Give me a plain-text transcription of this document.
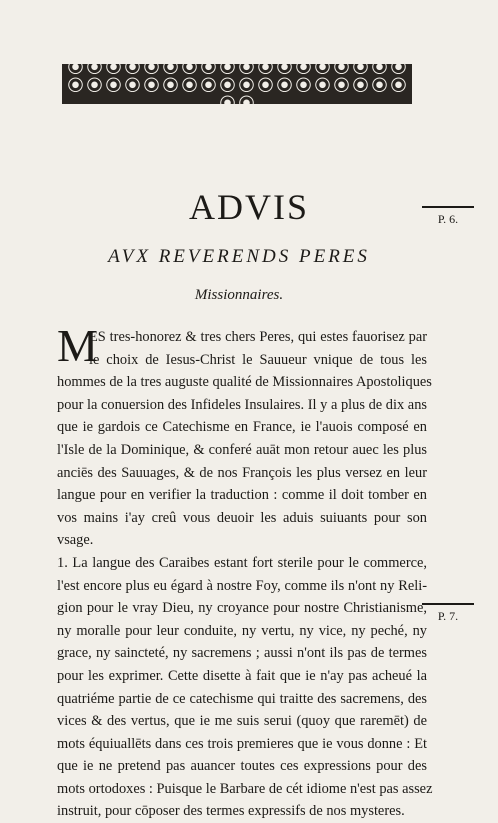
ADVIS	P. 6.
AVX REVERENDS PERES
Missionnaires.
M
ES tres-honorez & tres chers Peres, qui estes fauorisez par
le choix de Iesus-Christ le Sauueur vnique de tous les
hommes de la tres auguste qualité de Missionnaires Apostoliques
pour la conuersion des Infideles Insulaires. Il y a plus de dix ans
que ie gardois ce Catechisme en France, ie l'auois composé en
l'Isle de la Dominique, & conferé auāt mon retour auec les plus
anciēs des Sauuages, & de nos François les plus versez en leur
langue pour en verifier la traduction : comme il doit tomber en
vos mains i'ay creû vous deuoir les aduis suiuants pour son
vsage.
1. La langue des Caraibes estant fort sterile pour le commerce,
l'est encore plus eu égard à nostre Foy, comme ils n'ont ny Reli-
gion pour le vray Dieu, ny croyance pour nostre Christianisme,
ny moralle pour leur conduite, ny vertu, ny vice, ny peché, ny
grace, ny saincteté, ny sacremens ; aussi n'ont ils pas de termes
pour les exprimer. Cette disette à fait que ie n'ay pas acheué la
quatriéme partie de ce catechisme qui traitte des sacremens, des
vices & des vertus, que ie me suis serui (quoy que raremēt) de
mots équiuallēts dans ces trois premieres que ie vous donne : Et
que ie ne pretend pas auancer toutes ces expressions pour des
mots ortodoxes : Puisque le Barbare de cét idiome n'est pas assez
instruit, pour cōposer des termes expressifs de nos mysteres.
P. 7.
